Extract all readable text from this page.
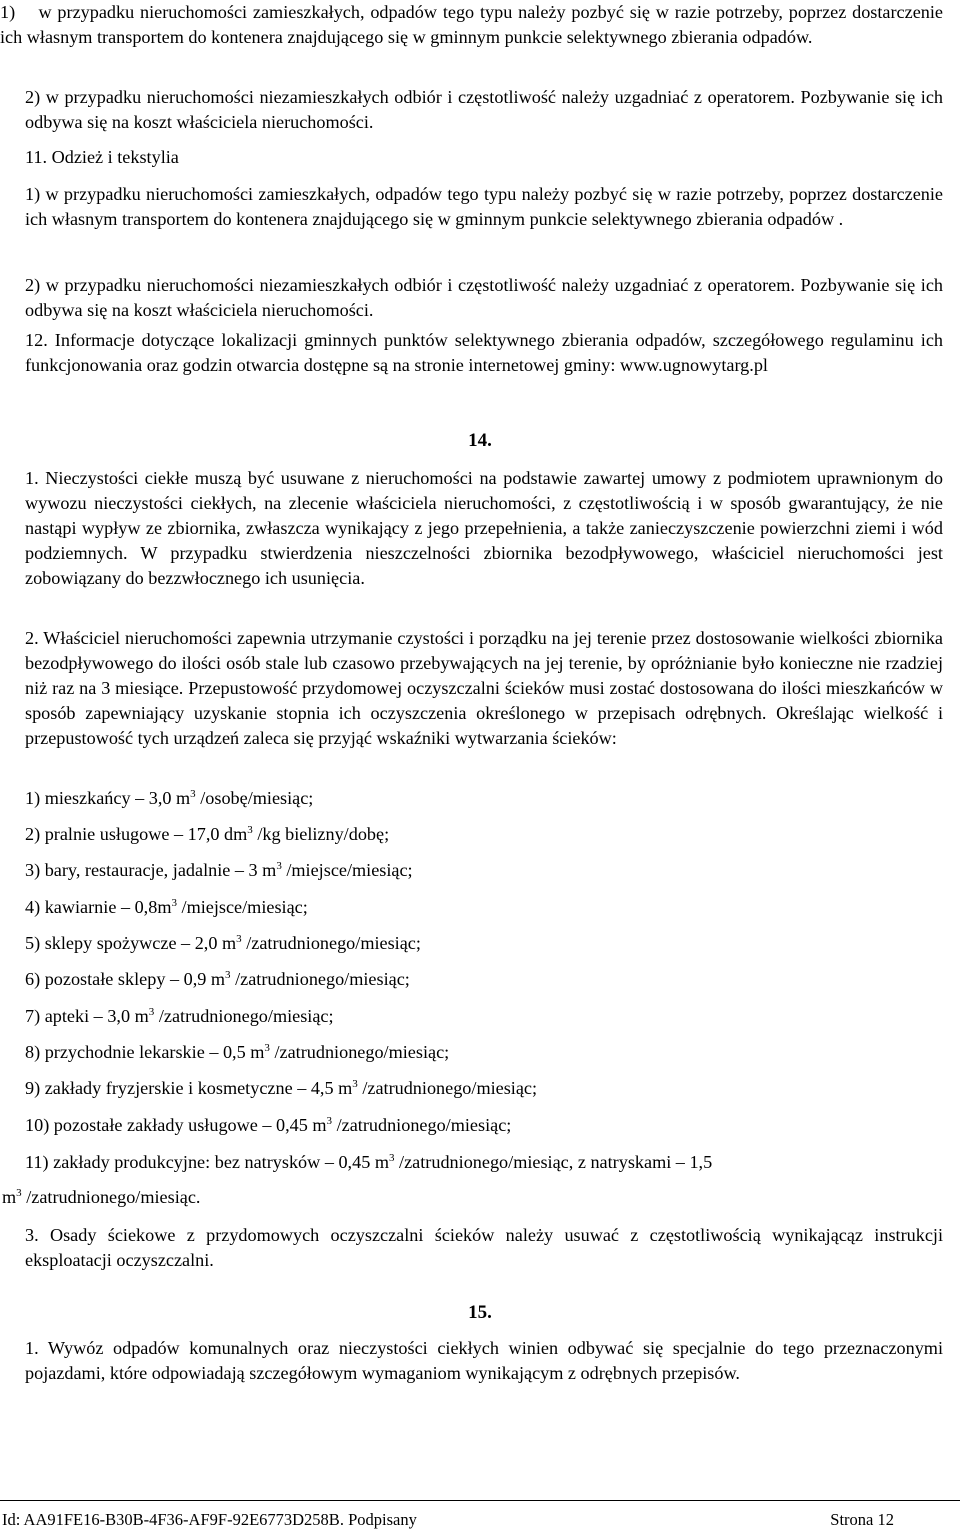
1)    w przypadku nieruchomości zamieszkałych, odpadów tego typu należy pozbyć się w razie potrzeby, poprzez dostarczenie ich własnym transportem do kontenera znajdującego się w gminnym punkcie selektywnego zbierania odpadów.

2) w przypadku nieruchomości niezamieszkałych odbiór i częstotliwość należy uzgadniać z operatorem. Pozbywanie się ich odbywa się na koszt właściciela nieruchomości.

11. Odzież i tekstylia

1) w przypadku nieruchomości zamieszkałych, odpadów tego typu należy pozbyć się w razie potrzeby, poprzez dostarczenie ich własnym transportem do kontenera znajdującego się w gminnym punkcie selektywnego zbierania odpadów .

2) w przypadku nieruchomości niezamieszkałych odbiór i częstotliwość należy uzgadniać z operatorem. Pozbywanie się ich odbywa się na koszt właściciela nieruchomości.

12. Informacje dotyczące lokalizacji gminnych punktów selektywnego zbierania odpadów, szczegółowego regulaminu ich funkcjonowania oraz godzin otwarcia dostępne są na stronie internetowej gminy: www.ugnowytarg.pl

14.

1. Nieczystości ciekłe muszą być usuwane z nieruchomości na podstawie zawartej umowy z podmiotem uprawnionym do wywozu nieczystości ciekłych, na zlecenie właściciela nieruchomości, z częstotliwością i w sposób gwarantujący, że nie nastąpi wypływ ze zbiornika, zwłaszcza wynikający z jego przepełnienia, a także zanieczyszczenie powierzchni ziemi i wód podziemnych. W przypadku stwierdzenia nieszczelności zbiornika bezodpływowego, właściciel nieruchomości jest zobowiązany do bezzwłocznego ich usunięcia.

2. Właściciel nieruchomości zapewnia utrzymanie czystości i porządku na jej terenie przez dostosowanie wielkości zbiornika bezodpływowego do ilości osób stale lub czasowo przebywających na jej terenie, by opróżnianie było konieczne nie rzadziej niż raz na 3 miesiące. Przepustowość przydomowej oczyszczalni ścieków musi zostać dostosowana do ilości mieszkańców w sposób zapewniający uzyskanie stopnia ich oczyszczenia określonego w przepisach odrębnych. Określając wielkość i przepustowość tych urządzeń zaleca się przyjąć wskaźniki wytwarzania ścieków:

1) mieszkańcy – 3,0 $m^3$ /osobę/miesiąc;

2) pralnie usługowe – 17,0 $dm^3$ /kg bielizny/dobę;

3) bary, restauracje, jadalnie – 3 $m^3$ /miejsce/miesiąc;

4) kawiarnie – $0,8m^3$ /miejsce/miesiąc;

5) sklepy spożywcze – 2,0 $m^3$ /zatrudnionego/miesiąc;

6) pozostałe sklepy – 0,9 $m^3$ /zatrudnionego/miesiąc;

7) apteki – 3,0 $m^3$ /zatrudnionego/miesiąc;

8) przychodnie lekarskie – 0,5 $m^3$ /zatrudnionego/miesiąc;

9) zakłady fryzjerskie i kosmetyczne – 4,5 $m^3$ /zatrudnionego/miesiąc;

10) pozostałe zakłady usługowe – 0,45 $m^3$ /zatrudnionego/miesiąc;

11) zakłady produkcyjne: bez natrysków – 0,45 $m^3$ /zatrudnionego/miesiąc, z natryskami – 1,5

$m^3$ /zatrudnionego/miesiąc.

3. Osady ściekowe z przydomowych oczyszczalni ścieków należy usuwać z częstotliwością wynikającąz instrukcji eksploatacji oczyszczalni.

15.

1. Wywóz odpadów komunalnych oraz nieczystości ciekłych winien odbywać się specjalnie do tego przeznaczonymi pojazdami, które odpowiadają szczegółowym wymaganiom wynikającym z odrębnych przepisów.

Id: AA91FE16-B30B-4F36-AF9F-92E6773D258B. Podpisany	Strona 12
